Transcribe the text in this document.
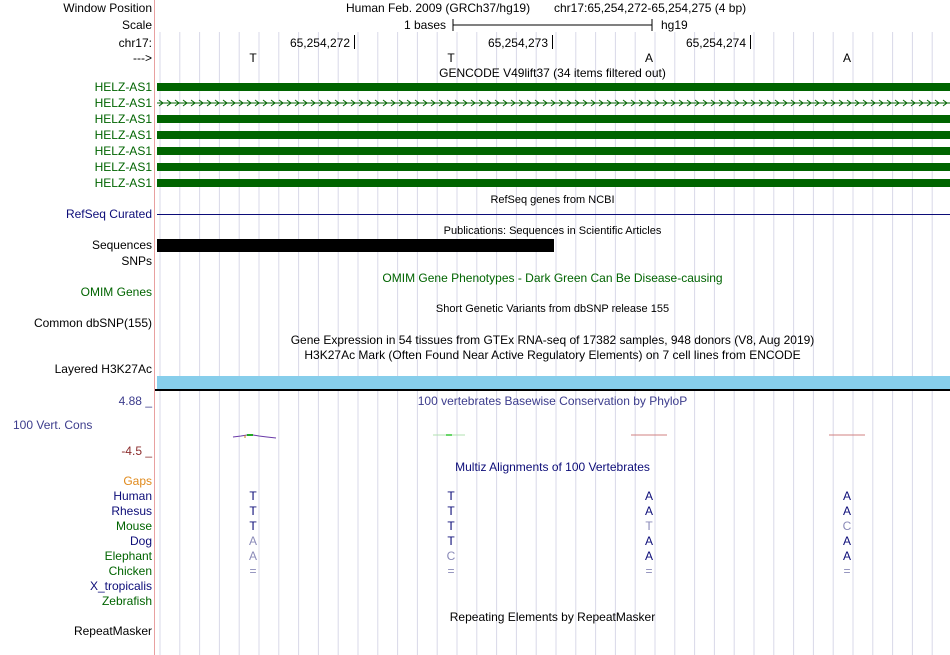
Window Position	Human Feb. 2009 (GRCh37/hg19) chr17:65,254,272-65,254,275 (4 bp)
Scale	1 bases	hg19
chr17:	65,254,272	65,254,273	65,254,274
--->	T	T	A	A
GENCODE V49lift37 (34 items filtered out)
HELZ-AS1
HELZ-AS1
HELZ-AS1
HELZ-AS1
HELZ-AS1
HELZ-AS1
HELZ-AS1
RefSeq genes from NCBI
RefSeq Curated
Publications: Sequences in Scientific Articles
Sequences
SNPs
OMIM Gene Phenotypes - Dark Green Can Be Disease-causing
OMIM Genes
Short Genetic Variants from dbSNP release 155
Common dbSNP(155)
Gene Expression in 54 tissues from GTEx RNA-seq of 17382 samples, 948 donors (V8, Aug 2019)
H3K27Ac Mark (Often Found Near Active Regulatory Elements) on 7 cell lines from ENCODE
Layered H3K27Ac
4.88 _	100 vertebrates Basewise Conservation by PhyloP
100 Vert. Cons
-4.5 _
Multiz Alignments of 100 Vertebrates
Gaps
Human	T	T	A	A
Rhesus	T	T	A	A
Mouse	T	T	T	C
Dog	A	T	A	A
Elephant	A	C	A	A
Chicken	=	=	=	=
X_tropicalis
Zebrafish
Repeating Elements by RepeatMasker
RepeatMasker
